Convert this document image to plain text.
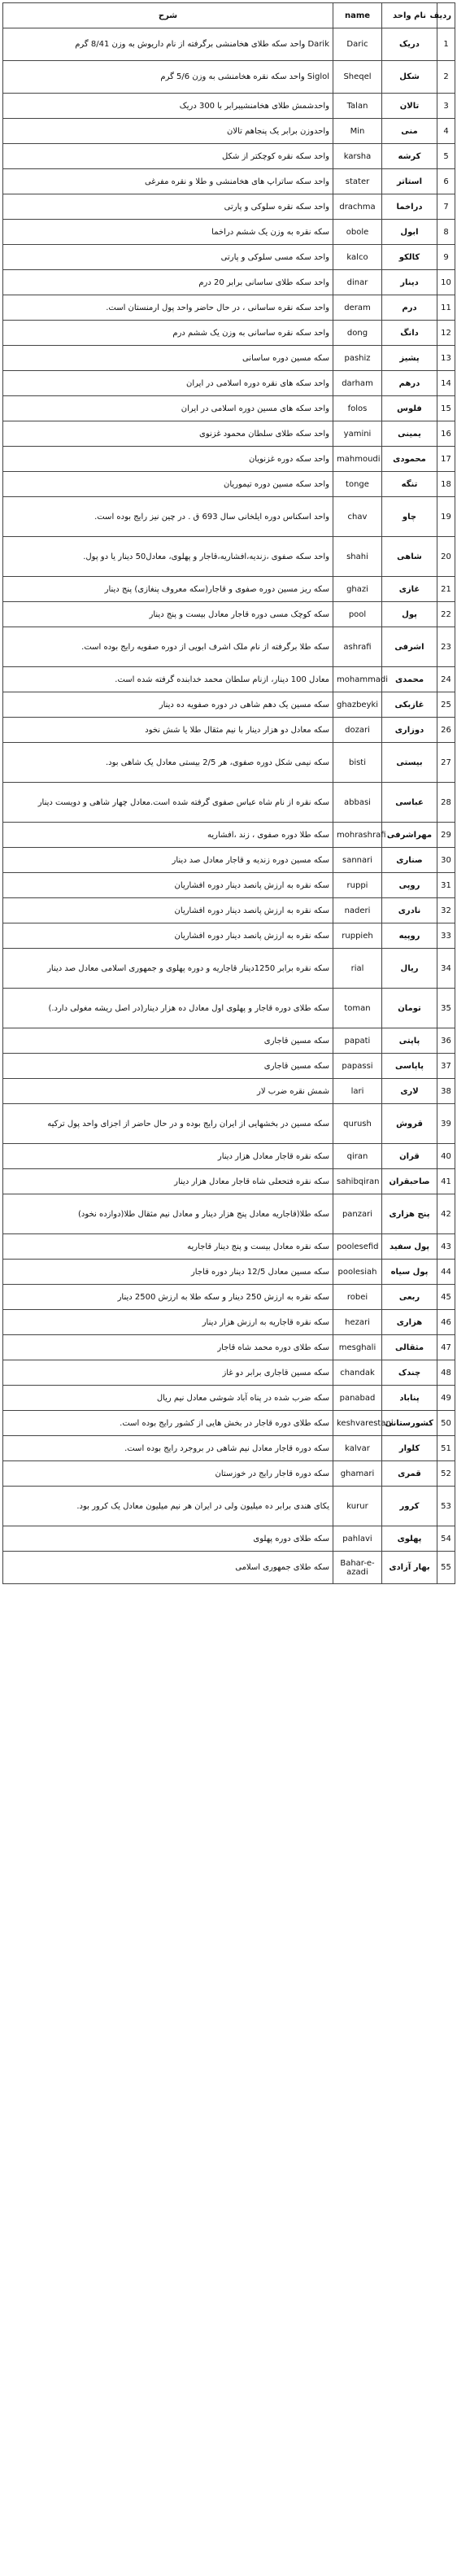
ردیف	نام واحد	name	شرح
1	دریک	Daric	Darik واحد سکه طلای هخامنشی برگرفته از نام داریوش به وزن 8/41 گرم
2	شکل	Sheqel	Siglol واحد سکه نقره هخامنشی به وزن 5/6 گرم
3	تالان	Talan	واحدشمش طلای هخامنشیبرابر با 300 دریک
4	منی	Min	واحدوزن برابر یک پنجاهم تالان
5	کرشه	karsha	واحد سکه نقره کوچکتر از شکل
6	استاتر	stater	واحد سکه ساتراپ های هخامنشی و طلا و نقره مفرغی
7	دراخما	drachma	واحد سکه نقره سلوکی و پارتی
8	ابول	obole	سکه نقره به وزن یک ششم دراخما
9	کالکو	kalco	واحد سکه مسی سلوکی و پارتی
10	دینار	dinar	واحد سکه طلای ساسانی برابر 20 درم
11	درم	deram	واحد سکه نقره ساسانی ، در حال حاضر واحد پول ارمنستان است.
12	دانگ	dong	واحد سکه نقره ساسانی به وزن یک ششم درم
13	پشیز	pashiz	سکه مسین دوره ساسانی
14	درهم	darham	واحد سکه های نقره دوره اسلامی در ایران
15	فلوس	folos	واحد سکه های مسین دوره اسلامی در ایران
16	یمینی	yamini	واحد سکه طلای سلطان محمود غزنوی
17	محمودی	mahmoudi	واحد سکه دوره غزنویان
18	تنگه	tonge	واحد سکه مسین دوره تیموریان
19	چاو	chav	واحد اسکناس دوره ایلخانی سال 693 ق . در چین نیز رایج بوده است.
20	شاهی	shahi	واحد سکه صفوی ،زندیه،افشاریه،قاجار و پهلوی، معادل50 دینار یا دو پول.
21	غازی	ghazi	سکه ریز مسین دوره صفوی و قاجار(سکه معروف پنغازی) پنج دینار
22	پول	pool	سکه کوچک مسی دوره قاجار معادل بیست و پنج دینار
23	اشرفی	ashrafi	سکه طلا برگرفته از نام ملک اشرف ابویی از دوره صفویه رایج بوده است.
24	محمدی	mohammadi	معادل 100 دینار، ازنام سلطان محمد خدابنده گرفته شده است.
25	غازبکی	ghazbeyki	سکه مسین یک دهم شاهی در دوره صفویه ده دینار
26	دوزاری	dozari	سکه معادل دو هزار دینار با نیم مثقال طلا یا شش نخود
27	بیستی	bisti	سکه نیمی شکل دوره صفوی، هر 2/5 بیستی معادل یک شاهی بود.
28	عباسی	abbasi	سکه نقره از نام شاه عباس صفوی گرفته شده است.معادل چهار شاهی و دویست دینار
29	مهراشرفی	mohrashrafi	سکه طلا دوره صفوی ، زند ،افشاریه
30	صناری	sannari	سکه مسین دوره زندیه و قاجار معادل صد دینار
31	روپی	ruppi	سکه نقره به ارزش پانصد دینار دوره افشاریان
32	نادری	naderi	سکه نقره به ارزش پانصد دینار دوره افشاریان
33	روپیه	ruppieh	سکه نقره به ارزش پانصد دینار دوره افشاریان
34	ریال	rial	سکه نقره برابر 1250دینار قاجاریه و دوره پهلوی و جمهوری اسلامی معادل صد دینار
35	تومان	toman	سکه طلای دوره قاجار و پهلوی اول معادل ده هزار دینار(در اصل ریشه مغولی دارد.)
36	پاپتی	papati	سکه مسین قاجاری
37	پاپاسی	papassi	سکه مسین قاجاری
38	لاری	lari	شمش نقره ضرب لار
39	قروش	qurush	سکه مسین در بخشهایی از ایران رایج بوده و در حال حاضر از اجزای واحد پول ترکیه
40	قران	qiran	سکه نقره قاجار معادل هزار دینار
41	صاحبقران	sahibqiran	سکه نقره فتحعلی شاه قاجار معادل هزار دینار
42	پنج هزاری	panzari	سکه طلا(قاجاریه معادل پنج هزار دینار و معادل نیم مثقال طلا(دوازده نخود)
43	پول سفید	poolesefid	سکه نقره معادل بیست و پنج دینار قاجاریه
44	پول سیاه	poolesiah	سکه مسین معادل 12/5 دینار دوره قاجار
45	ربعی	robei	سکه نقره به ارزش 250 دینار و سکه طلا به ارزش 2500 دینار
46	هزاری	hezari	سکه نقره قاجاریه به ارزش هزار دینار
47	مثقالی	mesghali	سکه طلای دوره محمد شاه قاجار
48	چندک	chandak	سکه مسین قاجاری برابر دو غاز
49	پناباد	panabad	سکه ضرب شده در پناه آباد شوشی معادل نیم ریال
50	کشورستانی	keshvarestani	سکه طلای دوره قاجار در بخش هایی از کشور رایج بوده است.
51	کلوار	kalvar	سکه دوره قاجار معادل نیم شاهی در بروجرد رایج بوده است.
52	قمری	ghamari	سکه دوره قاجار رایج در خوزستان
53	کرور	kurur	یکای هندی برابر ده میلیون ولی در ایران هر نیم میلیون معادل یک کرور بود.
54	پهلوی	pahlavi	سکه طلای دوره پهلوی
55	بهار آزادی	Bahar-e-azadi	سکه طلای جمهوری اسلامی
